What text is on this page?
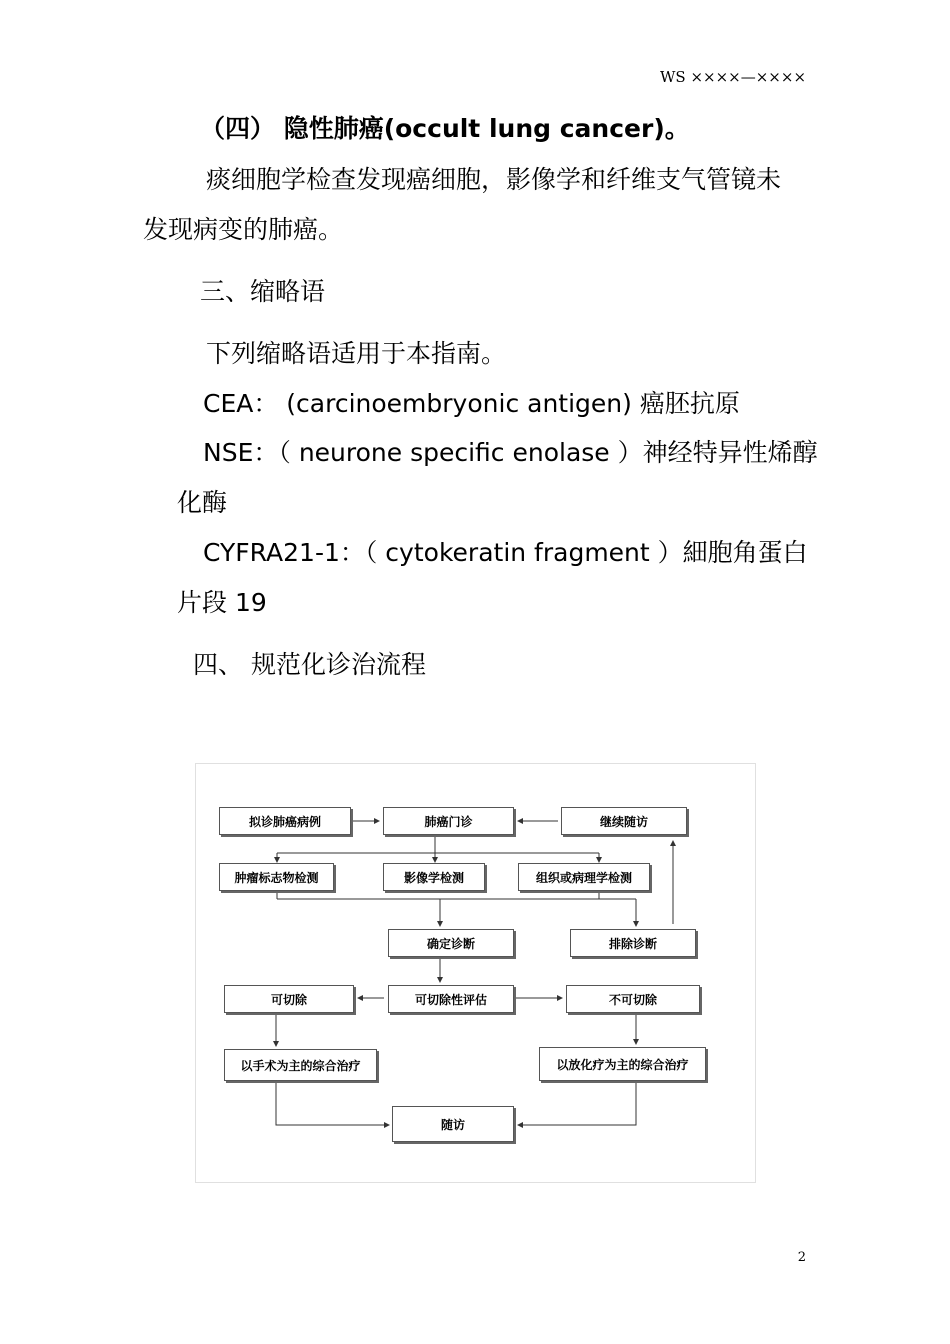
WS ××××—××××
（四） 隐性肺癌(occult lung cancer)。
痰细胞学检查发现癌细胞，影像学和纤维支气管镜未
发现病变的肺癌。
三、缩略语
下列缩略语适用于本指南。
CEA： (carcinoembryonic antigen) 癌胚抗原
NSE：（ neurone specific enolase ）神经特异性烯醇
化酶
CYFRA21-1：（ cytokeratin fragment ）細胞角蛋白
片段 19
四、 规范化诊治流程
拟诊肺癌病例	肺癌门诊	继续随访
肿瘤标志物检测	影像学检测	组织或病理学检测
确定诊断	排除诊断
可切除	可切除性评估	不可切除
以手术为主的综合治疗	以放化疗为主的综合治疗
随访
2
